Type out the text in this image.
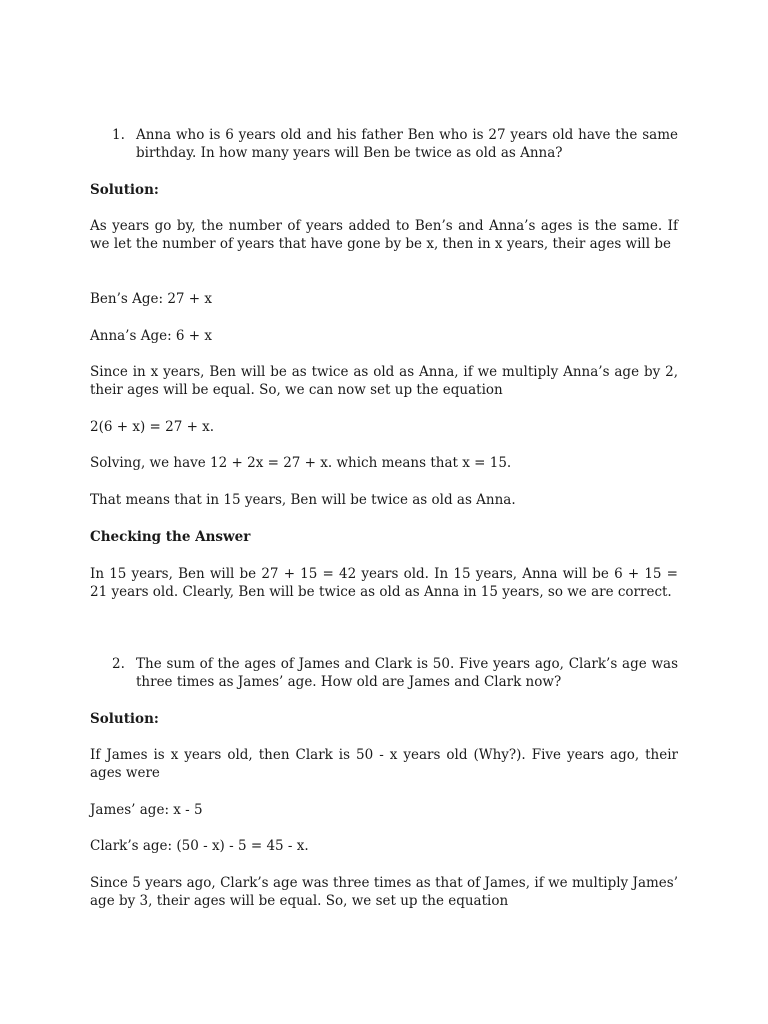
1. Anna who is 6 years old and his father Ben who is 27 years old have the same birthday. In how many years will Ben be twice as old as Anna?

Solution:

As years go by, the number of years added to Ben’s and Anna’s ages is the same. If we let the number of years that have gone by be x, then in x years, their ages will be

Ben’s Age: 27 + x

Anna’s Age: 6 + x

Since in x years, Ben will be as twice as old as Anna, if we multiply Anna’s age by 2, their ages will be equal. So, we can now set up the equation

2(6 + x) = 27 + x.

Solving, we have 12 + 2x = 27 + x. which means that x = 15.

That means that in 15 years, Ben will be twice as old as Anna.

Checking the Answer

In 15 years, Ben will be 27 + 15 = 42 years old. In 15 years, Anna will be 6 + 15 = 21 years old. Clearly, Ben will be twice as old as Anna in 15 years, so we are correct.

2. The sum of the ages of James and Clark is 50. Five years ago, Clark’s age was three times as James’ age. How old are James and Clark now?

Solution:

If James is x years old, then Clark is 50 - x years old (Why?). Five years ago, their ages were

James’ age: x - 5

Clark’s age: (50 - x) - 5 = 45 - x.

Since 5 years ago, Clark’s age was three times as that of James, if we multiply James’ age by 3, their ages will be equal. So, we set up the equation
